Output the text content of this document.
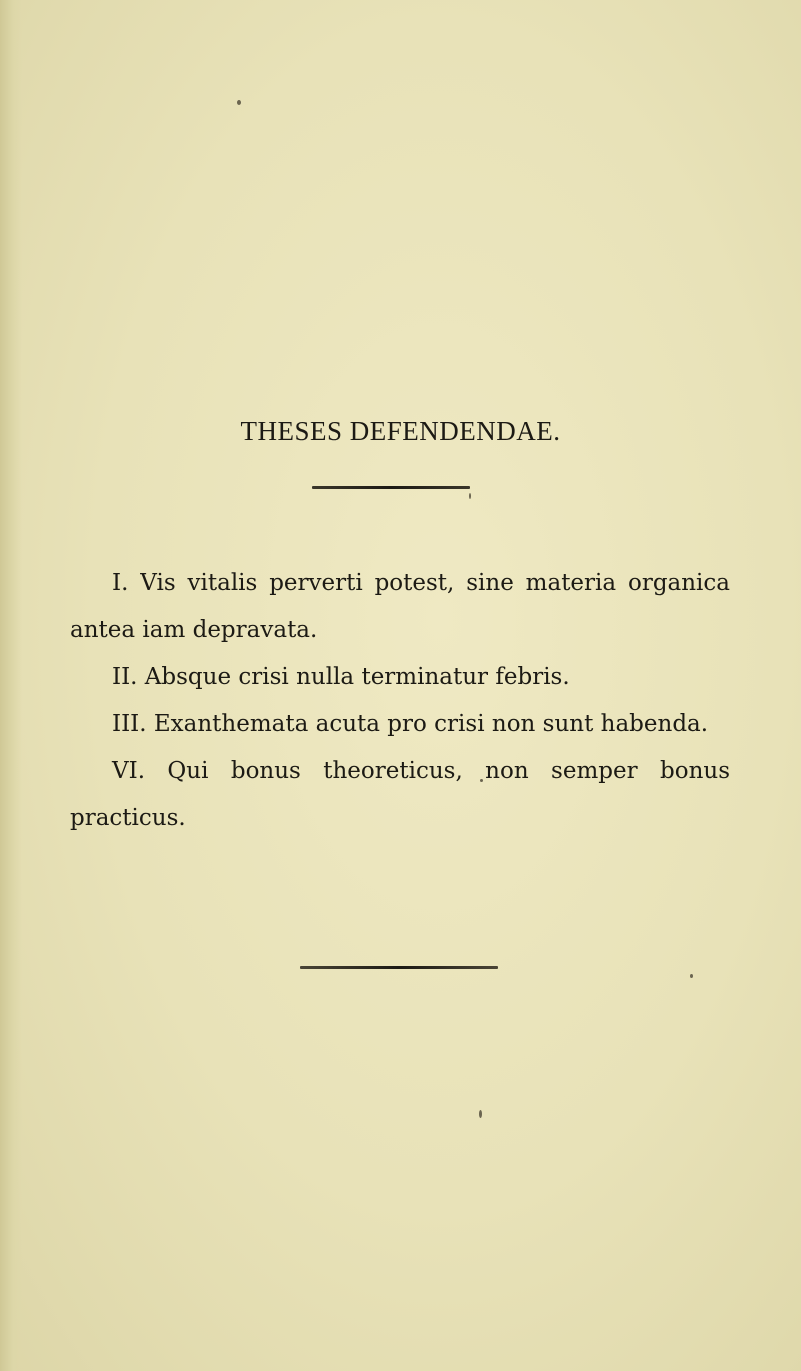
THESES DEFENDENDAE.

I. Vis vitalis perverti potest, sine materia organica antea iam depravata.

II. Absque crisi nulla terminatur febris.

III. Exanthemata acuta pro crisi non sunt habenda.

VI. Qui bonus theoreticus, non semper bonus practicus.
